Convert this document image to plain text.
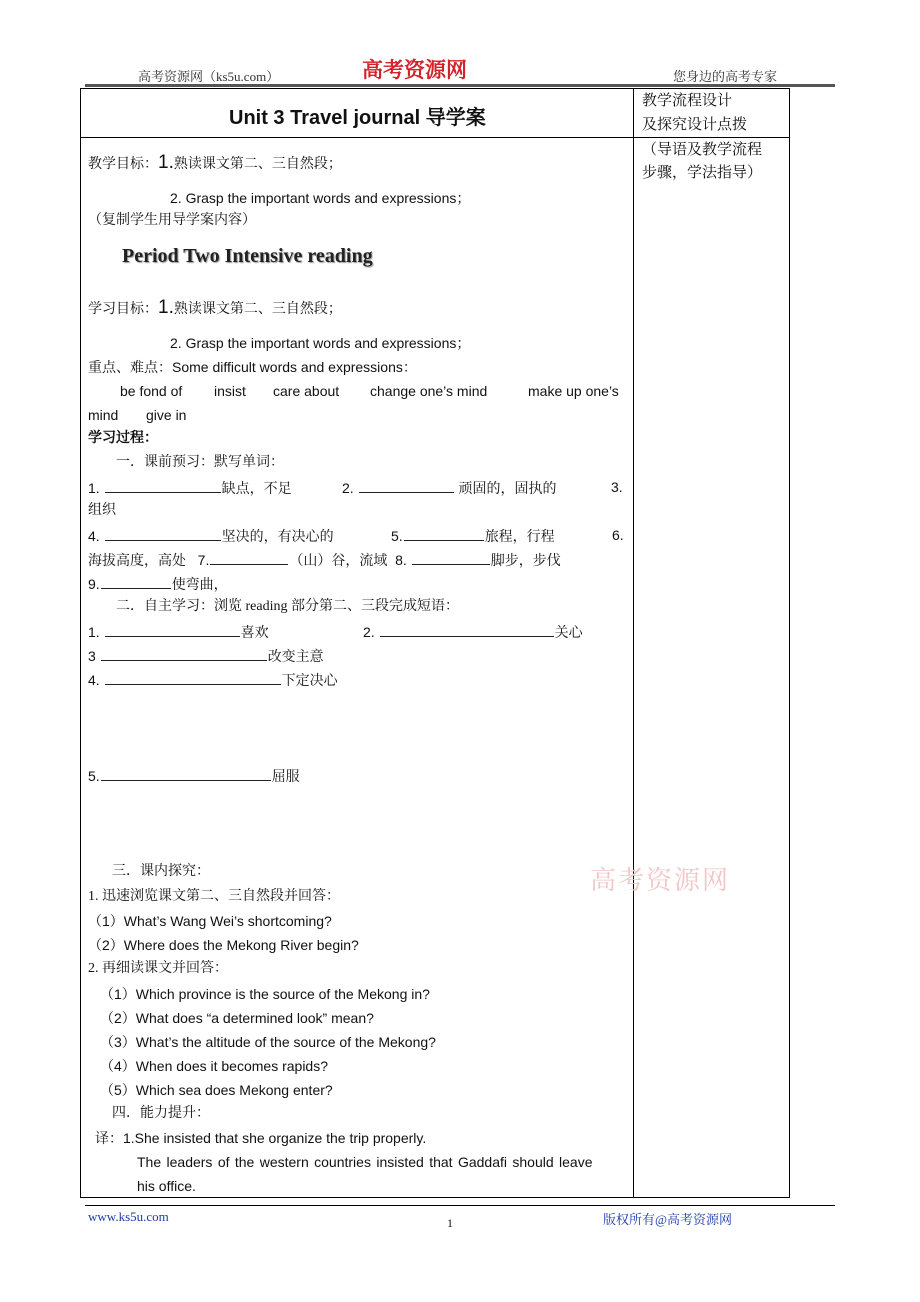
高考资源网（ks5u.com）	高考资源网	您身边的高考专家
Unit 3 Travel journal 导学案
教学流程设计
及探究设计点拨
（导语及教学流程
步骤，学法指导）
教学目标：1.熟读课文第二、三自然段；
2. Grasp the important words and expressions；
（复制学生用导学案内容）
Period Two Intensive reading
学习目标：1.熟读课文第二、三自然段；
2. Grasp the important words and expressions；
重点、难点：Some difficult words and expressions：
be fond of insist care about change one’s mind	make up one’s
mind give in
学习过程：
一．课前预习：默写单词：
1.	缺点，不足	2.	顽固的，固执的	3.
组织
4.	坚决的，有决心的	5.	旅程，行程	6.
海拔高度，高处 7.	（山）谷，流域 8.	脚步，步伐
9.	使弯曲，
二．自主学习：浏览 reading 部分第二、三段完成短语：
1.	喜欢	2.	关心
3	改变主意
4.	下定决心
5.	屈服
三．课内探究：	高考资源网
1. 迅速浏览课文第二、三自然段并回答：
（1）What’s Wang Wei’s shortcoming?
（2）Where does the Mekong River begin?
2. 再细读课文并回答：
（1）Which province is the source of the Mekong in?
（2）What does “a determined look” mean?
（3）What’s the altitude of the source of the Mekong?
（4）When does it becomes rapids?
（5）Which sea does Mekong enter?
四．能力提升：
译：1.She insisted that she organize the trip properly.
The leaders of the western countries insisted that Gaddafi should leave
his office.
www.ks5u.com	1	版权所有@高考资源网
